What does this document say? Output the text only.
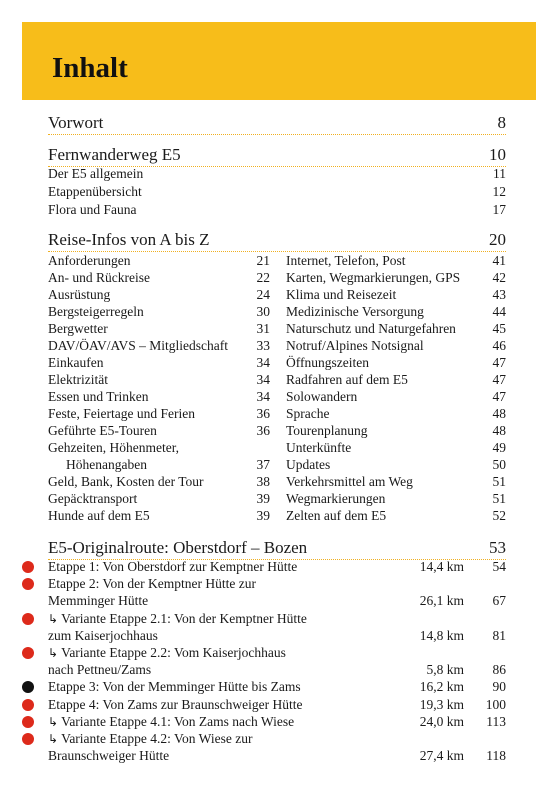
Inhalt
Vorwort	8
Fernwanderweg E5	10
Der E5 allgemein	11
Etappenübersicht	12
Flora und Fauna	17
Reise-Infos von A bis Z	20
Anforderungen	21
An- und Rückreise	22
Ausrüstung	24
Bergsteigerregeln	30
Bergwetter	31
DAV/ÖAV/AVS – Mitgliedschaft 33
Einkaufen	34
Elektrizität	34
Essen und Trinken	34
Feste, Feiertage und Ferien	36
Geführte E5-Touren	36
Gehzeiten, Höhenmeter,
Höhenangaben	37
Geld, Bank, Kosten der Tour	38
Gepäcktransport	39
Hunde auf dem E5	39
Internet, Telefon, Post	41
Karten, Wegmarkierungen, GPS 42
Klima und Reisezeit	43
Medizinische Versorgung	44
Naturschutz und Naturgefahren	45
Notruf/Alpines Notsignal	46
Öffnungszeiten	47
Radfahren auf dem E5	47
Solowandern	47
Sprache	48
Tourenplanung	48
Unterkünfte	49
Updates	50
Verkehrsmittel am Weg	51
Wegmarkierungen	51
Zelten auf dem E5	52
E5-Originalroute: Oberstdorf – Bozen	53
Etappe 1: Von Oberstdorf zur Kemptner Hütte	14,4 km	54
Etappe 2: Von der Kemptner Hütte zur
Memminger Hütte	26,1 km	67
↳ Variante Etappe 2.1: Von der Kemptner Hütte
zum Kaiserjochhaus	14,8 km	81
↳ Variante Etappe 2.2: Vom Kaiserjochhaus
nach Pettneu/Zams	5,8 km	86
Etappe 3: Von der Memminger Hütte bis Zams	16,2 km	90
Etappe 4: Von Zams zur Braunschweiger Hütte	19,3 km	100
↳ Variante Etappe 4.1: Von Zams nach Wiese	24,0 km	113
↳ Variante Etappe 4.2: Von Wiese zur
Braunschweiger Hütte	27,4 km	118
